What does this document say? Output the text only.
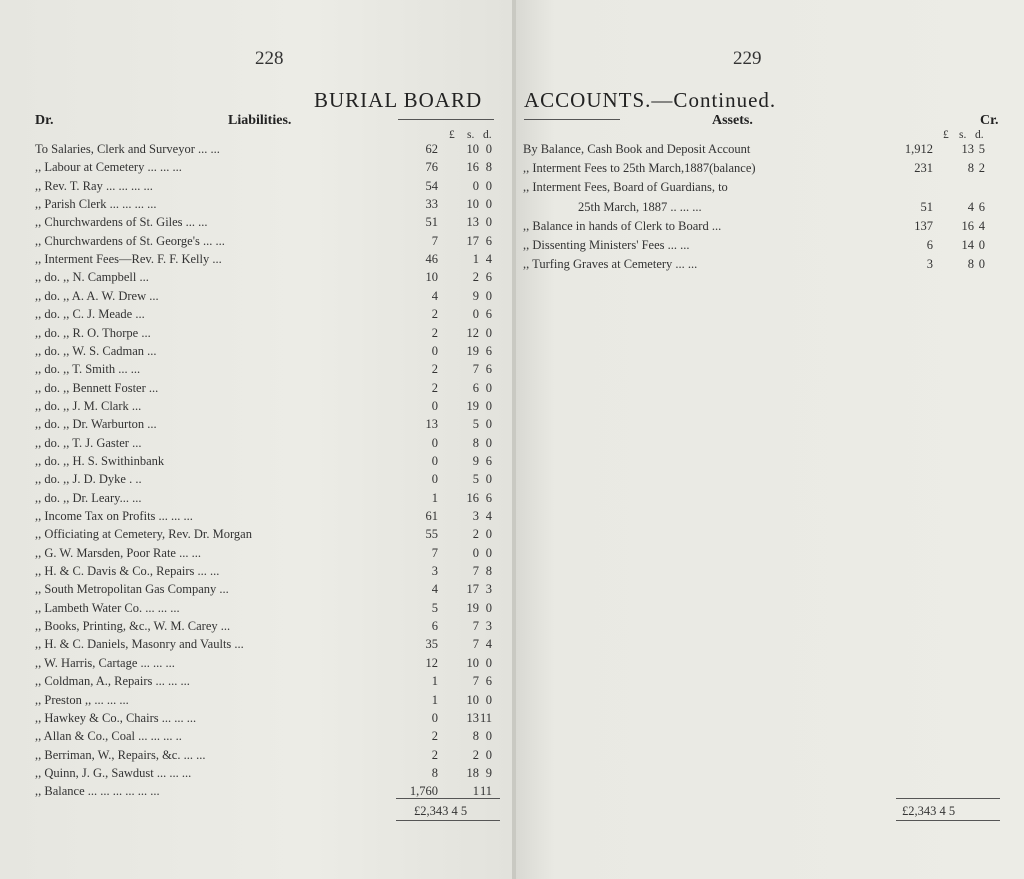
228	229
BURIAL BOARD ACCOUNTS.—Continued.
Dr.	Liabilities.	Assets.	Cr.
£ s. d.	£ s. d.
To Salaries, Clerk and Surveyor ... ...	62	10 0
,, Labour at Cemetery ... ... ...	76	16 8
,, Rev. T. Ray ... ... ... ...	54	0 0
,, Parish Clerk ... ... ... ...	33	10 0
,, Churchwardens of St. Giles ... ...	51	13 0
,, Churchwardens of St. George's ... ...	7	17 6
,, Interment Fees—Rev. F. F. Kelly ...	46	1 4
,, do. ,, N. Campbell ...	10	2 6
,, do. ,, A. A. W. Drew ...	4	9 0
,, do. ,, C. J. Meade ...	2	0 6
,, do. ,, R. O. Thorpe ...	2	12 0
,, do. ,, W. S. Cadman ...	0	19 6
,, do. ,, T. Smith ... ...	2	7 6
,, do. ,, Bennett Foster ...	2	6 0
,, do. ,, J. M. Clark ...	0	19 0
,, do. ,, Dr. Warburton ...	13	5 0
,, do. ,, T. J. Gaster ...	0	8 0
,, do. ,, H. S. Swithinbank	0	9 6
,, do. ,, J. D. Dyke . ..	0	5 0
,, do. ,, Dr. Leary... ...	1	16 6
,, Income Tax on Profits ... ... ...	61	3 4
,, Officiating at Cemetery, Rev. Dr. Morgan	55	2 0
,, G. W. Marsden, Poor Rate ... ...	7	0 0
,, H. & C. Davis & Co., Repairs ... ...	3	7 8
,, South Metropolitan Gas Company ...	4	17 3
,, Lambeth Water Co. ... ... ...	5	19 0
,, Books, Printing, &c., W. M. Carey ...	6	7 3
,, H. & C. Daniels, Masonry and Vaults ...	35	7 4
,, W. Harris, Cartage ... ... ...	12	10 0
,, Coldman, A., Repairs ... ... ...	1	7 6
,, Preston ,, ... ... ...	1	10 0
,, Hawkey & Co., Chairs ... ... ...	0	13 11
,, Allan & Co., Coal ... ... ... ..	2	8 0
,, Berriman, W., Repairs, &c. ... ...	2	2 0
,, Quinn, J. G., Sawdust ... ... ...	8	18 9
,, Balance ... ... ... ... ... ...	1,760	1 11
By Balance, Cash Book and Deposit Account	1,912	13 5
,, Interment Fees to 25th March,1887(balance)	231	8 2
,, Interment Fees, Board of Guardians, to
25th March, 1887 .. ... ...	51	4 6
,, Balance in hands of Clerk to Board ...	137	16 4
,, Dissenting Ministers' Fees ... ...	6	14 0
,, Turfing Graves at Cemetery ... ...	3	8 0
£2,343 4 5	£2,343 4 5
